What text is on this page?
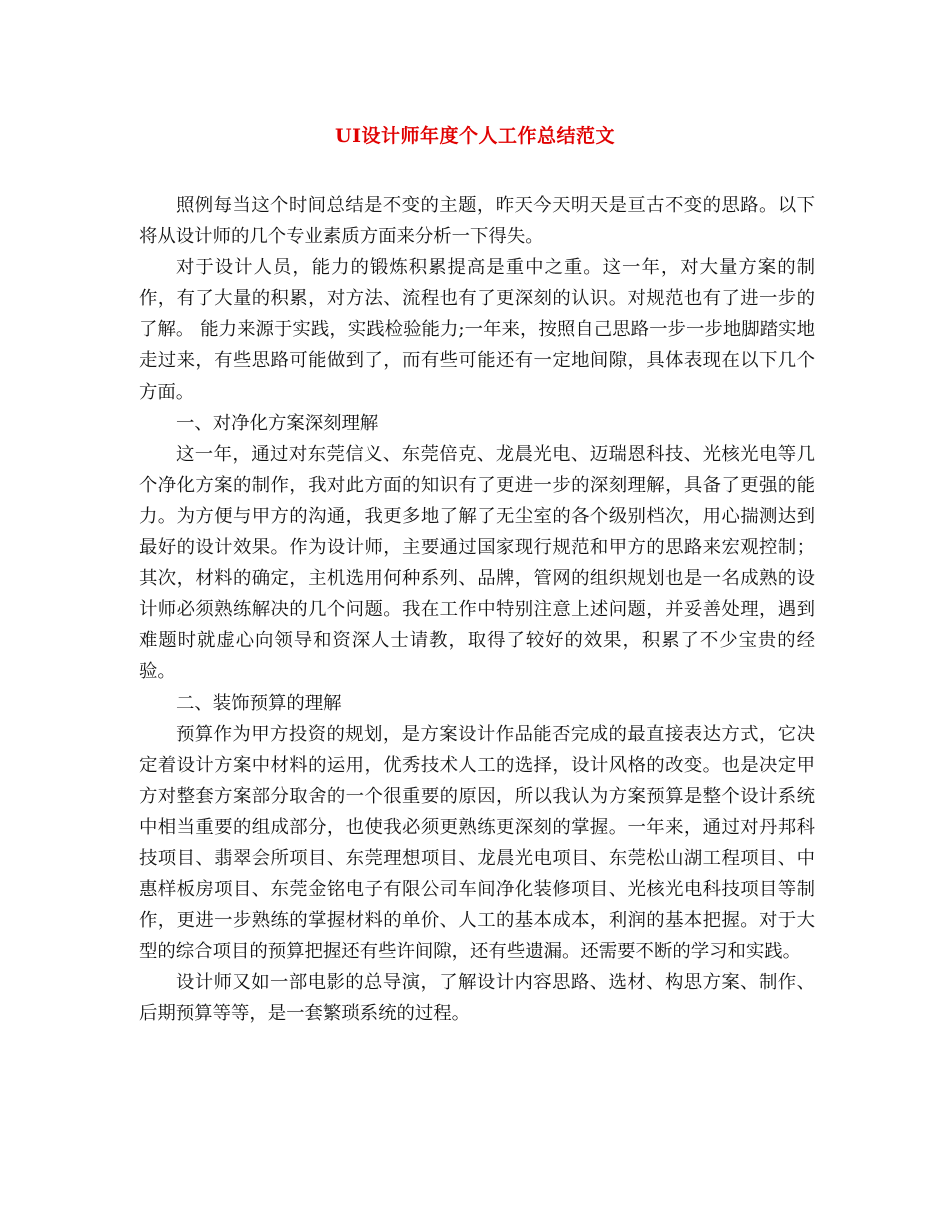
UI设计师年度个人工作总结范文

照例每当这个时间总结是不变的主题，昨天今天明天是亘古不变的思路。以下将从设计师的几个专业素质方面来分析一下得失。

对于设计人员，能力的锻炼积累提高是重中之重。这一年，对大量方案的制作，有了大量的积累，对方法、流程也有了更深刻的认识。对规范也有了进一步的了解。 能力来源于实践，实践检验能力;一年来，按照自己思路一步一步地脚踏实地走过来，有些思路可能做到了，而有些可能还有一定地间隙，具体表现在以下几个方面。

一、对净化方案深刻理解

这一年，通过对东莞信义、东莞倍克、龙晨光电、迈瑞恩科技、光核光电等几个净化方案的制作，我对此方面的知识有了更进一步的深刻理解，具备了更强的能力。为方便与甲方的沟通，我更多地了解了无尘室的各个级别档次，用心揣测达到最好的设计效果。作为设计师，主要通过国家现行规范和甲方的思路来宏观控制；其次，材料的确定，主机选用何种系列、品牌，管网的组织规划也是一名成熟的设计师必须熟练解决的几个问题。我在工作中特别注意上述问题，并妥善处理，遇到难题时就虚心向领导和资深人士请教，取得了较好的效果，积累了不少宝贵的经验。

二、装饰预算的理解

预算作为甲方投资的规划，是方案设计作品能否完成的最直接表达方式，它决定着设计方案中材料的运用，优秀技术人工的选择，设计风格的改变。也是决定甲方对整套方案部分取舍的一个很重要的原因，所以我认为方案预算是整个设计系统中相当重要的组成部分，也使我必须更熟练更深刻的掌握。一年来，通过对丹邦科技项目、翡翠会所项目、东莞理想项目、龙晨光电项目、东莞松山湖工程项目、中惠样板房项目、东莞金铭电子有限公司车间净化装修项目、光核光电科技项目等制作，更进一步熟练的掌握材料的单价、人工的基本成本，利润的基本把握。对于大型的综合项目的预算把握还有些许间隙，还有些遗漏。还需要不断的学习和实践。

设计师又如一部电影的总导演，了解设计内容思路、选材、构思方案、制作、后期预算等等，是一套繁琐系统的过程。
